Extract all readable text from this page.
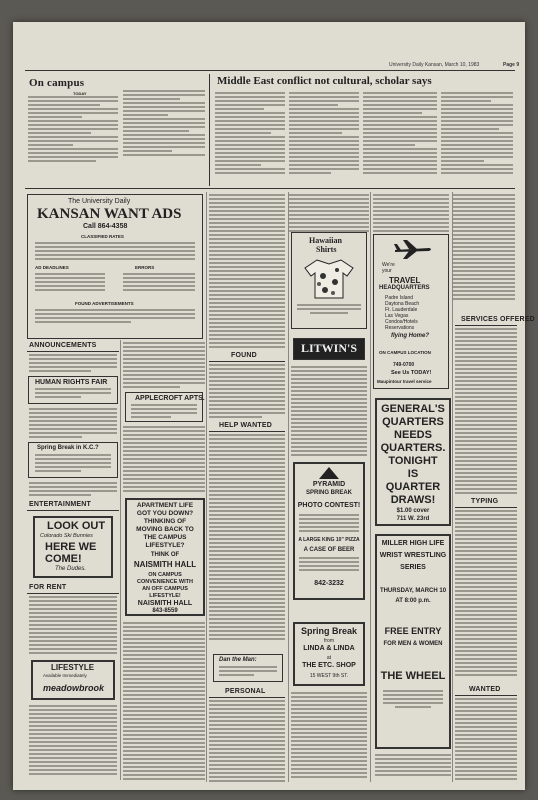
University Daily Kansan, March 10, 1983	Page 9
On campus
TODAY
Middle East conflict not cultural, scholar says
The University Daily
KANSAN WANT ADS
Call 864-4358
CLASSIFIED RATES
AD DEADLINES	ERRORS
FOUND ADVERTISEMENTS
Hawaiian
Shirts
We're
your
TRAVEL
HEADQUARTERS
Padre Island
Daytona Beach
Ft. Lauderdale
Las Vegas
Condos/Hotels
Reservations
flying Home?
ON CAMPUS LOCATION
749-0700
See Us TODAY!
Maupintour travel service
LITWIN'S
ANNOUNCEMENTS
HUMAN RIGHTS FAIR
Spring Break in K.C.?
ENTERTAINMENT
LOOK OUT
Colorado Ski Bunnies
HERE WE
COME!
The Dudes.
FOR RENT
LIFESTYLE
Available Immediately
meadowbrook
APPLECROFT APTS.
APARTMENT LIFE
GOT YOU DOWN?
THINKING OF
MOVING BACK TO
THE CAMPUS
LIFESTYLE?
THINK OF
NAISMITH HALL
ON CAMPUS
CONVENIENCE WITH
AN OFF CAMPUS
LIFESTYLE!
NAISMITH HALL
843-8559
FOUND
HELP WANTED
Dan the Man:
PERSONAL
PYRAMID
SPRING BREAK
PHOTO CONTEST!
A LARGE KING 10" PIZZA
A CASE OF BEER
842-3232
Spring Break
from
LINDA & LINDA
at
THE ETC. SHOP
15 WEST 9th ST.
GENERAL'S
QUARTERS
NEEDS
QUARTERS.
TONIGHT
IS
QUARTER
DRAWS!
$1.00 cover
711 W. 23rd
MILLER HIGH LIFE
WRIST WRESTLING
SERIES
THURSDAY, MARCH 10
AT 8:00 p.m.
FREE ENTRY
FOR MEN & WOMEN
THE WHEEL
SERVICES OFFERED
TYPING
WANTED
